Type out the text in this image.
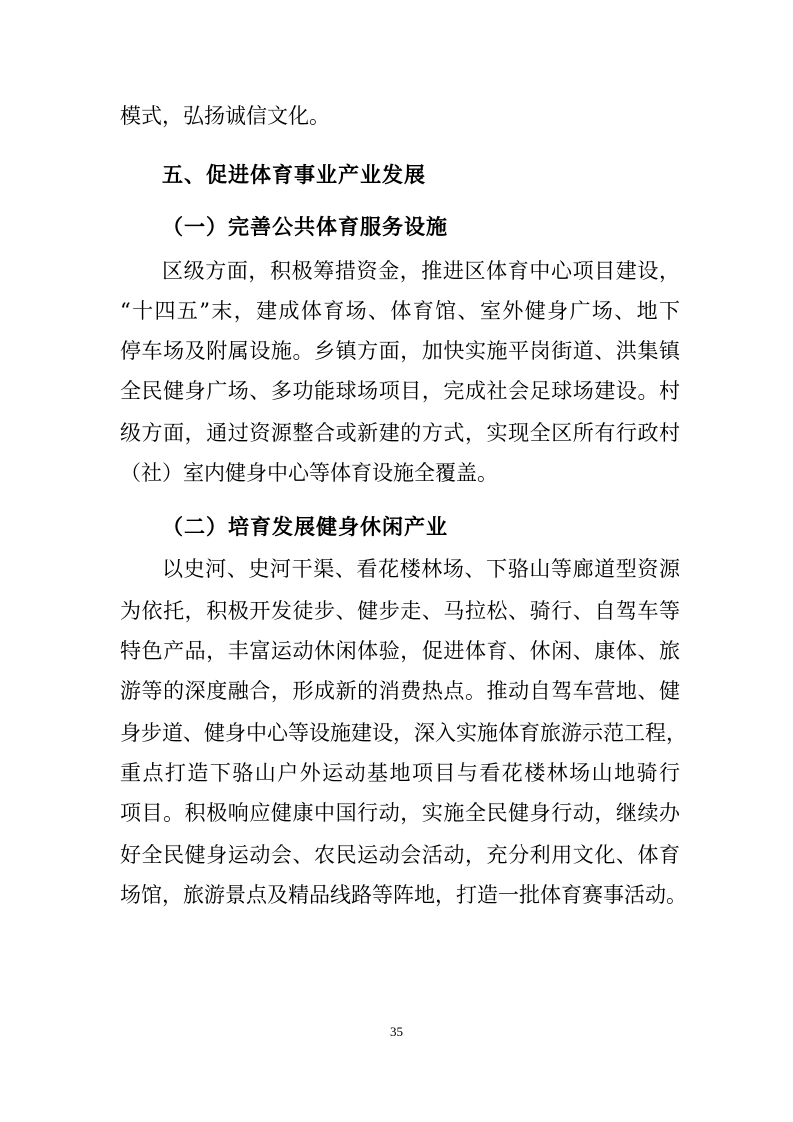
模式，弘扬诚信文化。
五、促进体育事业产业发展
（一）完善公共体育服务设施
区级方面，积极筹措资金，推进区体育中心项目建设，
“十四五”末，建成体育场、体育馆、室外健身广场、地下
停车场及附属设施。乡镇方面，加快实施平岗街道、洪集镇
全民健身广场、多功能球场项目，完成社会足球场建设。村
级方面，通过资源整合或新建的方式，实现全区所有行政村
（社）室内健身中心等体育设施全覆盖。
（二）培育发展健身休闲产业
以史河、史河干渠、看花楼林场、下骆山等廊道型资源
为依托，积极开发徒步、健步走、马拉松、骑行、自驾车等
特色产品，丰富运动休闲体验，促进体育、休闲、康体、旅
游等的深度融合，形成新的消费热点。推动自驾车营地、健
身步道、健身中心等设施建设，深入实施体育旅游示范工程，
重点打造下骆山户外运动基地项目与看花楼林场山地骑行
项目。积极响应健康中国行动，实施全民健身行动，继续办
好全民健身运动会、农民运动会活动，充分利用文化、体育
场馆，旅游景点及精品线路等阵地，打造一批体育赛事活动。
35
